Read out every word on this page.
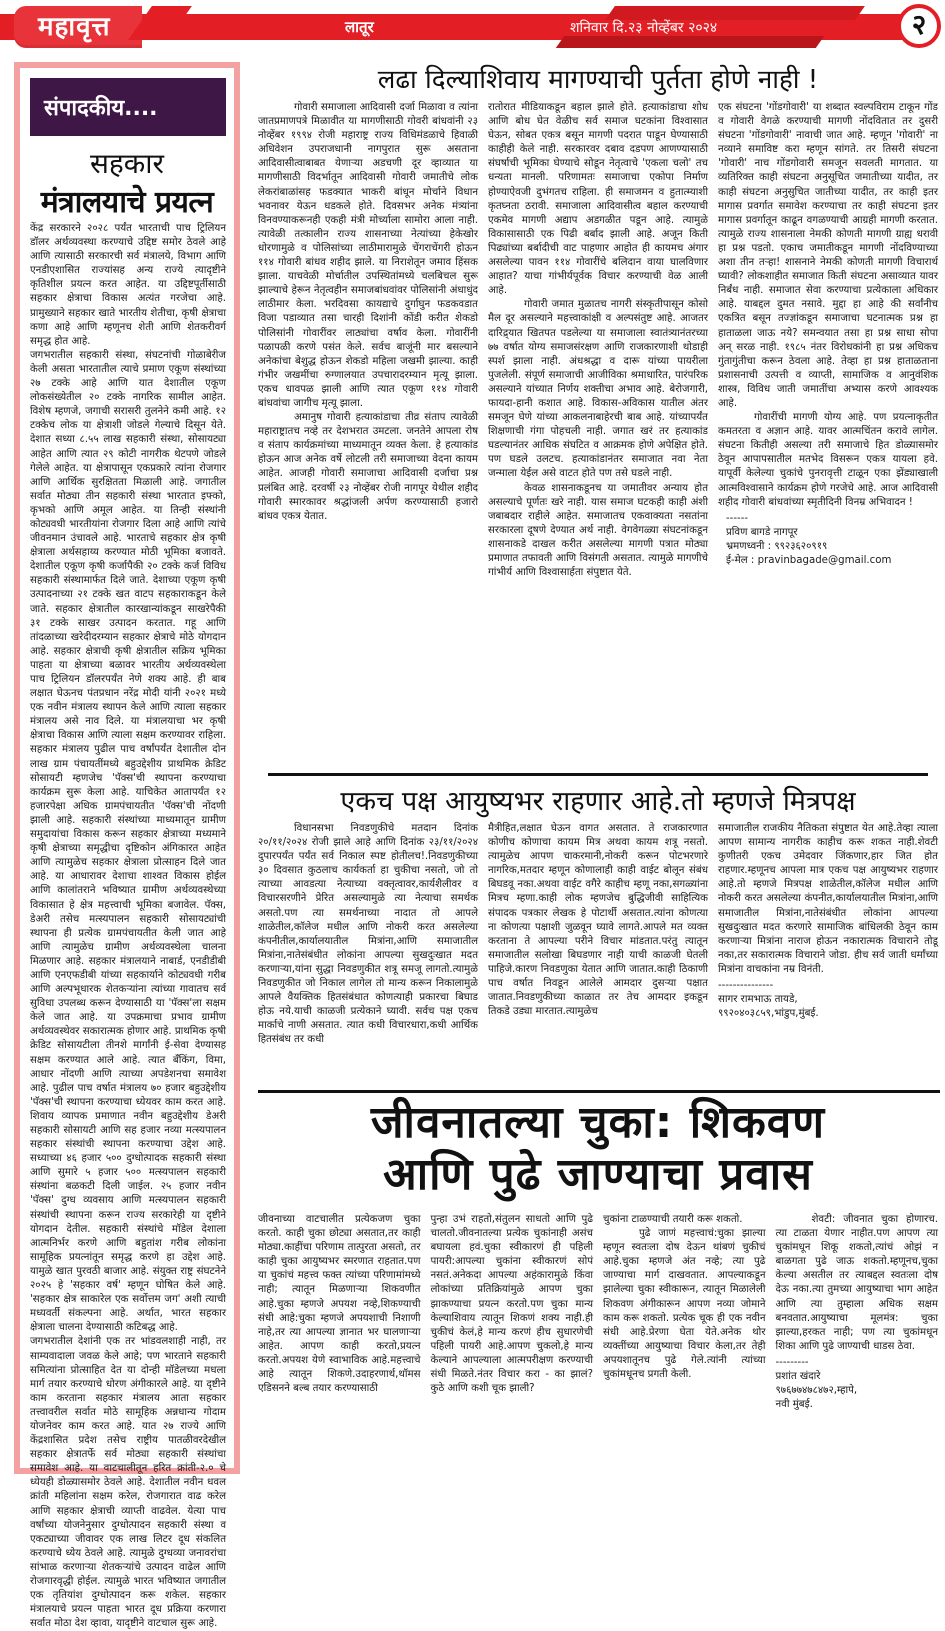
महावृत्त	लातूर	शनिवार दि.२३ नोव्हेंबर २०२४	२
संपादकीय....
सहकार
मंत्रालयाचे प्रयत्न

केंद्र सरकारने २०२८ पर्यंत भारताची पाच ट्रिलियन डॉलर अर्थव्यवस्था करण्याचे उद्दिष्ट समोर ठेवले आहे आणि त्यासाठी सरकारची सर्व मंत्रालये, विभाग आणि एनडीएशासित राज्यांसह अन्य राज्ये त्यादृष्टीने कृतिशील प्रयत्न करत आहेत. या उद्दिष्टपूर्तीसाठी सहकार क्षेत्राचा विकास अत्यंत गरजेचा आहे. प्रामुख्याने सहकार खाते भारतीय शेतीचा, कृषी क्षेत्राचा कणा आहे आणि म्हणूनच शेती आणि शेतकरीवर्ग समृद्ध होत आहे.

जगभरातील सहकारी संस्था, संघटनांची गोळाबेरीज केली असता भारतातील त्याचे प्रमाण एकूण संस्थांच्या २७ टक्के आहे आणि यात देशातील एकूण लोकसंख्येतील २० टक्के नागरिक सामील आहेत. विशेष म्हणजे, जगाची सरासरी तुलनेने कमी आहे. १२ टक्केच लोक या क्षेत्राशी जोडले गेल्याचे दिसून येते. देशात सध्या ८.५५ लाख सहकारी संस्था, सोसायट्या आहेत आणि त्यात २९ कोटी नागरीक थेटपणे जोडले गेलेले आहेत. या क्षेत्रापासून एकप्रकारे त्यांना रोजगार आणि आर्थिक सुरक्षितता मिळाली आहे. जगातील सर्वात मोठ्या तीन सहकारी संस्था भारतात इफ्को, कृभको आणि अमूल आहेत. या तिन्ही संस्थांनी कोट्यवधी भारतीयांना रोजगार दिला आहे आणि त्यांचे जीवनमान उंचावले आहे. भारताचे सहकार क्षेत्र कृषी क्षेत्राला अर्थसहाय्य करण्यात मोठी भूमिका बजावते. देशातील एकूण कृषी कर्जापैकी २० टक्के कर्ज विविध सहकारी संस्थामार्फत दिले जाते. देशाच्या एकूण कृषी उत्पादनाच्या २१ टक्के खत वाटप सहकाराकडून केले जाते. सहकार क्षेत्रातील कारखान्यांकडून साखरेपैकी ३१ टक्के साखर उत्पादन करतात. गहू आणि तांदळाच्या खरेदीदरम्यान सहकार क्षेत्राचे मोठे योगदान आहे. सहकार क्षेत्राची कृषी क्षेत्रातील सक्रिय भूमिका पाहता या क्षेत्राच्या बळावर भारतीय अर्थव्यवस्थेला पाच ट्रिलियन डॉलरपर्यंत नेणे शक्य आहे. ही बाब लक्षात घेऊनच पंतप्रधान नरेंद्र मोदी यांनी २०२१ मध्ये एक नवीन मंत्रालय स्थापन केले आणि त्याला सहकार मंत्रालय असे नाव दिले. या मंत्रालयाचा भर कृषी क्षेत्राचा विकास आणि त्याला सक्षम करण्यावर राहिला. सहकार मंत्रालय पुढील पाच वर्षांपर्यंत देशातील दोन लाख ग्राम पंचायतींमध्ये बहुउद्देशीय प्राथमिक क्रेडिट सोसायटी म्हणजेच 'पॅक्स'ची स्थापना करण्याचा कार्यक्रम सुरू केला आहे. याचिकेत आतापर्यंत १२ हजारपेक्षा अधिक ग्रामपंचायतीत 'पॅक्स'ची नोंदणी झाली आहे. सहकारी संस्थांच्या माध्यमातून ग्रामीण समुदायांचा विकास करून सहकार क्षेत्राच्या मध्यमाने कृषी क्षेत्राच्या समृद्धीचा दृष्टिकोन अंगिकारत आहेत आणि त्यामुळेच सहकार क्षेत्राला प्रोत्साहन दिले जात आहे. या आधारावर देशाचा शाश्वत विकास होईल आणि कालांतराने भविष्यात ग्रामीण अर्थव्यवस्थेच्या विकासात हे क्षेत्र महत्त्वाची भूमिका बजावेल. पॅक्स, डेअरी तसेच मत्स्यपालन सहकारी सोसायट्यांची स्थापना ही प्रत्येक ग्रामपंचायतीत केली जात आहे आणि त्यामुळेच ग्रामीण अर्थव्यवस्थेला चालना मिळणार आहे. सहकार मंत्रालयाने नाबार्ड, एनडीडीबी आणि एनएफडीबी यांच्या सहकार्याने कोट्यवधी गरीब आणि अल्पभूधारक शेतकऱ्यांना त्यांच्या गावातच सर्व सुविधा उपलब्ध करून देण्यासाठी या 'पॅक्स'ला सक्षम केले जात आहे. या उपक्रमाचा प्रभाव ग्रामीण अर्थव्यवस्थेवर सकारात्मक होणार आहे. प्राथमिक कृषी क्रेडिट सोसायटीला तीनशे मार्गांनी ई-सेवा देण्यासह सक्षम करण्यात आले आहे. त्यात बँकिंग, विमा, आधार नोंदणी आणि त्याच्या अपडेशनचा समावेश आहे. पुढील पाच वर्षात मंत्रालय ७० हजार बहुउद्देशीय 'पॅक्स'ची स्थापना करण्याचा ध्येयवर काम करत आहे. शिवाय व्यापक प्रमाणात नवीन बहुउद्देशीय डेअरी सहकारी सोसायटी आणि सह हजार नव्या मत्स्यपालन सहकार संस्थांची स्थापना करण्याचा उद्देश आहे. सध्याच्या ४६ हजार ५०० दुग्धोत्पादक सहकारी संस्था आणि सुमारे ५ हजार ५०० मत्स्यपालन सहकारी संस्थांना बळकटी दिली जाईल. २५ हजार नवीन 'पॅक्स' दुग्ध व्यवसाय आणि मत्स्यपालन सहकारी संस्थांची स्थापना करून राज्य सरकारेही या दृष्टीने योगदान देतील. सहकारी संस्थांचे मॉडेल देशाला आत्मनिर्भर करणे आणि बहुतांश गरीब लोकांना सामूहिक प्रयत्नांतून समृद्ध करणे हा उद्देश आहे. यामुळे खात पुरवठी बाजार आहे. संयुक्त राष्ट्र संघटनेने २०२५ हे 'सहकार वर्ष' म्हणून घोषित केले आहे. 'सहकार क्षेत्र साकारेल एक सर्वोत्तम जग' अशी त्याची मध्यवर्ती संकल्पना आहे. अर्थात, भारत सहकार क्षेत्राला चालना देण्यासाठी कटिबद्ध आहे.

जगभरातील देशांनी एक तर भांडवलशाही नाही, तर साम्यवादाला जवळ केले आहे; पण भारताने सहकारी समित्यांना प्रोत्साहित देत या दोन्ही मॉडेलच्या मधला मार्ग तयार करण्याचे धोरण अंगीकारले आहे. या दृष्टीने काम करताना सहकार मंत्रालय आता सहकार तत्त्वावरील सर्वात मोठे सामूहिक अन्नधान्य गोदाम योजनेवर काम करत आहे. यात २७ राज्ये आणि केंद्रशासित प्रदेश तसेच राष्ट्रीय पातळीवरदेखील सहकार क्षेत्रातर्फे सर्व मोठ्या सहकारी संस्थांचा समावेश आहे. या वाटचालीतून हरित क्रांती-२.० चे ध्येयही डोळ्यासमोर ठेवले आहे. देशातील नवीन धवल क्रांती महिलांना सक्षम करेल, रोजगारात वाढ करेल आणि सहकार क्षेत्राची व्याप्ती वाढवेल. येत्या पाच वर्षांच्या योजनेनुसार दुग्धोत्पादन सहकारी संस्था व एकट्याच्या जीवावर एक लाख लिटर दूध संकलित करण्याचे ध्येय ठेवले आहे. त्यामुळे दुग्धव्या जनावरांचा सांभाळ करणाऱ्या शेतकऱ्यांचे उत्पादन वाढेल आणि रोजगारवृद्धी होईल. त्यामुळे भारत भविष्यात जगातील एक तृतियांश दुग्धोत्पादन करू शकेल. सहकार मंत्रालयाचे प्रयत्न पाहता भारत दूध प्रक्रिया करणारा सर्वात मोठा देश व्हावा, यादृष्टीने वाटचाल सुरू आहे.

लढा दिल्याशिवाय मागण्याची पुर्तता होणे नाही !

गोवारी समाजाला आदिवासी दर्जा मिळावा व त्यांना जातप्रमाणपत्रे मिळावीत या मागणीसाठी गोवरी बांधवांनी २३ नोव्हेंबर १९९४ रोजी महाराष्ट्र राज्य विधिमंडळाचे हिवाळी अधिवेशन उपराजधानी नागपुरात सुरू असताना आदिवासीत्वाबाबत येणाऱ्या अडचणी दूर व्हाव्यात या मागणीसाठी विदर्भातून आदिवासी गोवारी जमातीचे लोक लेकरांबाळांसह फडक्यात भाकरी बांधून मोर्चाने विधान भवनावर येऊन धडकले होते. दिवसभर अनेक मंत्र्यांना विनवण्याकरूनही एकही मंत्री मोर्च्याला सामोरा आला नाही. त्यावेळी तत्कालीन राज्य शासनाच्या नेत्यांच्या हेकेखोर धोरणामुळे व पोलिसांच्या लाठीमारामुळे चेंगराचेंगरी होऊन ११४ गोवारी बांधव शहीद झाले. या निराशेतून जमाव हिंसक झाला. याचवेळी मोर्चातील उपस्थितांमध्ये चलबिचल सुरू झाल्याचे हेरून नेतृत्वहीन समाजबांधवांवर पोलिसांनी अंधाधुंद लाठीमार केला. भरदिवसा कायद्याचे दुर्गाघुन फडकवडात विजा पडाव्यात तसा चारही दिशांनी कोंडी करीत शेकडो पोलिसांनी गोवारींवर लाठ्यांचा वर्षाव केला. गोवारींनी पळापळी करणे पसंत केले. सर्वच बाजूंनी मार बसल्याने अनेकांचा बेशुद्ध होऊन शेकडो महिला जखमी झाल्या. काही गंभीर जखमींचा रुग्णालयात उपचारादरम्यान मृत्यू झाला. एकच धावपळ झाली आणि त्यात एकूण ११४ गोवारी बांधवांचा जागीच मृत्यू झाला.

अमानुष गोवारी हत्याकांडाचा तीव्र संताप त्यावेळी महाराष्ट्रातच नव्हे तर देशभरात उमटला. जनतेने आपला रोष व संताप कार्यक्रमांच्या माध्यमातून व्यक्त केला. हे हत्याकांड होऊन आज अनेक वर्षे लोटली तरी समाजाच्या वेदना कायम आहेत. आजही गोवारी समाजाचा आदिवासी दर्जाचा प्रश्न प्रलंबित आहे. दरवर्षी २३ नोव्हेंबर रोजी नागपूर येथील शहीद गोवारी स्मारकावर श्रद्धांजली अर्पण करण्यासाठी हजारो बांधव एकत्र येतात.

रातोरात मीडियाकडून बहाल झाले होते. हत्याकांडाचा शोध आणि बोध घेत वेळीच सर्व समाज घटकांना विश्वासात घेऊन, सोबत एकत्र बसून मागणी पदरात पाडून घेण्यासाठी काहीही केले नाही. सरकारवर दबाव दडपण आणण्यासाठी संघर्षाची भूमिका घेण्याचे सोडून नेतृत्वाचे 'एकला चलो' तच धन्यता मानली. परिणामतः समाजाचा एकोपा निर्माण होण्याऐवजी दुभंगतच राहिला. ही समाजमन व हुतात्म्याशी कृतघ्नता ठरावी. समाजाला आदिवासीत्व बहाल करण्याची एकमेव मागणी अद्याप अडगळीत पडून आहे. त्यामुळे विकासासाठी एक पिढी बर्बाद झाली आहे. अजून किती पिढ्यांच्या बर्बादीची वाट पाहणार आहोत ही कायमच अंगार असलेल्या पावन ११४ गोवारींचे बलिदान वाया घालविणार आहात? याचा गांभीर्यपूर्वक विचार करण्याची वेळ आली आहे.

गोवारी जमात मुळातच नागरी संस्कृतीपासून कोसो मैल दूर असल्याने महत्त्वाकांक्षी व अल्पसंतुष्ट आहे. आजतर दारिद्र्यात खितपत पडलेल्या या समाजाला स्वातंत्र्यानंतरच्या ७७ वर्षात योग्य समाजसंरक्षण आणि राजकारणाशी थोडाही स्पर्श झाला नाही. अंधश्रद्धा व दारू यांच्या पायरीला पुजलेली. संपूर्ण समाजाची आजीविका श्रमाधारित, पारंपरिक असल्याने यांच्यात निर्णय शक्तीचा अभाव आहे. बेरोजगारी, फायदा-हानी कशात आहे. विकास-अविकास यातील अंतर समजून घेणे यांच्या आकलनाबाहेरची बाब आहे. यांच्यापर्यंत शिक्षणाची गंगा पोहचली नाही. जगात खरं तर हत्याकांड घडल्यानंतर आधिक संघटित व आक्रमक होणे अपेक्षित होते. पण घडले उलटच. हत्याकांडानंतर समाजात नवा नेता जन्माला येईल असे वाटत होते पण तसे घडले नाही.

केवळ शासनाकडूनच या जमातीवर अन्याय होत असल्याचे पूर्णतः खरे नाही. यास समाज घटकही काही अंशी जबाबदार राहीले आहेत. समाजातच एकवाक्यता नसतांना सरकारला दूषणे देण्यात अर्थ नाही. वेगवेगळ्या संघटनांकडून शासनाकडे दाखल करीत असलेल्या मागणी पत्रात मोठ्या प्रमाणात तफावती आणि विसंगती असतात. त्यामुळे मागणीचे गांभीर्य आणि विश्वासार्हता संपुष्टात येते.

एक संघटना 'गोंडगोवारी' या शब्दात स्वल्पविराम टाकून गोंड व गोवारी वेगळे करण्याची मागणी नोंदवितात तर दुसरी संघटना 'गोंडगोवारी' नावाची जात आहे. म्हणून 'गोवारी' ना नव्याने समाविष्ट करा म्हणून सांगते. तर तिसरी संघटना 'गोवारी' नाच गोंडगोवारी समजून सवलती मागतात. या व्यतिरिक्त काही संघटना अनुसूचित जमातीच्या यादीत, तर काही संघटना अनुसुचित जातीच्या यादीत, तर काही इतर मागास प्रवर्गात समावेश करण्याचा तर काही संघटना इतर मागास प्रवर्गातून काढून वगळण्याची आग्रही मागणी करतात. त्यामुळे राज्य शासनाला नेमकी कोणती मागणी ग्राह्य धरावी हा प्रश्न पडतो. एकाच जमातीकडून मागणी नोंदविण्याच्या अशा तीन तऱ्हा! शासनाने नेमकी कोणती मागणी विचारार्थ घ्यावी? लोकशाहीत समाजात किती संघटना असाव्यात यावर निर्बंध नाही. समाजात सेवा करण्याचा प्रत्येकाला अधिकार आहे. याबद्दल दुमत नसावे. मुद्दा हा आहे की सर्वांनीच एकत्रित बसून तज्ज्ञांकडून समाजाचा घटनात्मक प्रश्न हा हाताळला जाऊ नये? समन्वयात तसा हा प्रश्न साधा सोपा अन् सरळ नाही. १९८५ नंतर विरोधकांनी हा प्रश्न अधिकच गुंतागुंतीचा करून ठेवला आहे. तेव्हा हा प्रश्न हाताळताना प्रशासनाची उत्पत्ती व व्याप्ती, सामाजिक व आनुवंशिक शास्त्र, विविध जाती जमातींचा अभ्यास करणे आवश्यक आहे.

गोवारींची मागणी योग्य आहे. पण प्रयत्नाकृतीत कमतरता व अज्ञान आहे. यावर आत्मचिंतन करावे लागेल. संघटना कितीही असल्या तरी समाजाचे हित डोळ्यासमोर ठेवून आपापसातील मतभेद विसरून एकत्र यायला हवे. यापूर्वी केलेल्या चुकांचे पुनरावृत्ती टाळून एका झेंड्याखाली आत्मविश्वासाने कार्यक्रम होणे गरजेचे आहे. आज आदिवासी शहीद गोवारी बांधवांच्या स्मृतीदिनी विनम्र अभिवादन !

------
प्रविण बागडे नागपूर
भ्रमणध्वनी : ९९२३६२०९१९
ई-मेल : pravinbagade@gmail.com
एकच पक्ष आयुष्यभर राहणार आहे.तो म्हणजे मित्रपक्ष

विधानसभा निवडणुकीचे मतदान दिनांक २०/११/२०२४ रोजी झाले आहे आणि दिनांक २३/११/२०२४ दुपारपर्यंत पर्यंत सर्व निकाल स्पष्ट होतीलच!.निवडणुकीच्या ३० दिवसात कुठलाच कार्यकर्ता हा चुकीचा नसतो, जो तो त्याच्या आवडत्या नेत्याच्या वक्तृत्वावर,कार्यशैलीवर व विचारसरणीने प्रेरित असल्यामुळे त्या नेत्याचा समर्थक असतो.पण त्या समर्थनाच्या नादात तो आपले शाळेतील,कॉलेज मधील आणि नोकरी करत असलेल्या कंपनीतील,कार्यालयातील मित्रांना,आणि समाजातील मित्रांना,नातेसंबंधीत लोकांना आपल्या सुखदुःखात मदत करणाऱ्या,यांना सुद्धा निवडणुकीत शत्रू समजू लागतो.त्यामुळे निवडणुकीत जो निकाल लागेल तो मान्य करून निकालामुळे आपले वैयक्तिक हितसंबंधात कोणत्याही प्रकारचा बिघाड होऊ नये.याची काळजी प्रत्येकाने घ्यावी. सर्वच पक्ष एकच मार्काचे नाणी असतात. त्यात कधी विचारधारा,कधी आर्थिक हितसंबंध तर कधी

मैत्रीहित,लक्षात घेऊन वागत असतात. ते राजकारणात कोणीच कोणाचा कायम मित्र अथवा कायम शत्रू नसतो. त्यामुळेच आपण चाकरमानी,नोकरी करून पोटभरणारे नागरिक,मतदार म्हणून कोणालाही काही वाईट बोलून संबंध बिघडवू नका.अथवा वाईट वगैरे काहीच म्हणू नका,सगळ्यांना मित्रच म्हणा.काही लोक म्हणजेच बुद्धिजीवी साहित्यिक संपादक पत्रकार लेखक हे पोटार्थी असतात.त्यांना कोणत्या ना कोणत्या पक्षाशी जुळवून घ्यावे लागते.आपले मत व्यक्त करताना ते आपल्या परीने विचार मांडतात.परंतु त्यातून समाजातील सलोखा बिघडणार नाही याची काळजी घेतली पाहिजे.कारण निवडणुका येतात आणि जातात.काही ठिकाणी पाच वर्षात निवडून आलेले आमदार दुसऱ्या पक्षात जातात.निवडणुकीच्या काळात तर तेच आमदार इकडून तिकडे उड्या मारतात.त्यामुळेच

समाजातील राजकीय नैतिकता संपुष्टात येत आहे.तेव्हा त्याला आपण सामान्य नागरीक काहीच करू शकत नाही.शेवटी कुणीतरी एकच उमेदवार जिंकणार,हार जित होत राहणार.म्हणूनच आपला मात्र एकच पक्ष आयुष्यभर राहणार आहे.तो म्हणजे मित्रपक्ष शाळेतील,कॉलेज मधील आणि नोकरी करत असलेल्या कंपनीत,कार्यालयातील मित्रांना,आणि समाजातील मित्रांना,नातेसंबंधीत लोकांना आपल्या सुखदुःखात मदत करणारे सामाजिक बांधिलकी ठेवून काम करणाऱ्या मित्रांना नाराज होऊन नकारात्मक विचाराने तोडू नका,तर सकारात्मक विचाराने जोडा. हीच सर्व जाती धर्मांच्या मित्रांना वाचकांना नम्र विनंती.

---------------
सागर रामभाऊ तायडे,
९९२०४०३८५९,भांडुप,मुंबई.
जीवनातल्या चुका: शिकवण
आणि पुढे जाण्याचा प्रवास

जीवनाच्या वाटचालीत प्रत्येकजण चुका करतो. काही चुका छोट्या असतात,तर काही मोठ्या.काहींचा परिणाम तात्पुरता असतो, तर काही चुका आयुष्यभर स्मरणात राहतात.पण या चुकांचं महत्त्व फक्त त्यांच्या परिणामांमध्ये नाही; त्यातून मिळणाऱ्या शिकवणीत आहे.चुका म्हणजे अपयश नव्हे,शिकण्याची संधी आहे:चुका म्हणजे अपयशाची निशाणी नाहे,तर त्या आपल्या ज्ञानात भर घालणाऱ्या आहेत. आपण काही करतो,प्रयत्न करतो.अपयश येणे स्वाभाविक आहे.महत्त्वाचे आहे त्यातून शिकणे.उदाहरणार्थ,थॉमस एडिसनने बल्ब तयार करण्यासाठी

पुन्हा उभं राहतो,संतुलन साधतो आणि पुढे चालतो.जीवनातल्या प्रत्येक चुकांनाही असंच बघायला हवं.चुका स्वीकारणं ही पहिली पायरी:आपल्या चुकांना स्वीकारणं सोपं नसतं.अनेकदा आपल्या अहंकारामुळे किंवा लोकांच्या प्रतिक्रियांमुळे आपण चुका झाकण्याचा प्रयत्न करतो.पण चुका मान्य केल्याशिवाय त्यातून शिकणं शक्य नाही.ही चुकीचं केलं,हे मान्य करणं हीच सुधारणेची पहिली पायरी आहे.आपण चुकलो,हे मान्य केल्याने आपल्याला आत्मपरीक्षण करण्याची संधी मिळते.नंतर विचार करा - का झालं? कुठे आणि कशी चूक झाली?

चुकांना टाळण्याची तयारी करू शकतो.

पुढे जाणं महत्त्वाचं:चुका झाल्या म्हणून स्वतःला दोष देऊन थांबणं चुकीचं आहे.चुका म्हणजे अंत नव्हे; त्या पुढे जाण्याचा मार्ग दाखवतात. आपल्याकडून झालेल्या चुका स्वीकारून, त्यातून मिळालेली शिकवण अंगीकारून आपण नव्या जोमाने काम करू शकतो. प्रत्येक चूक ही एक नवीन संधी आहे.प्रेरणा घेता येते.अनेक थोर व्यक्तींच्या आयुष्याचा विचार केला,तर तेही अपयशातूनच पुढे गेले.त्यांनी त्यांच्या चुकांमधूनच प्रगती केली.

शेवटी: जीवनात चुका होणारच. त्या टाळता येणार नाहीत.पण आपण त्या चुकांमधून शिकू शकतो,त्यांचं ओझं न बाळगता पुढे जाऊ शकतो.म्हणूनच,चुका केल्या असतील तर त्याबद्दल स्वतःला दोष देऊ नका.त्या तुमच्या आयुष्याचा भाग आहेत आणि त्या तुम्हाला अधिक सक्षम बनवतात.आयुष्याचा मूलमंत्र: चुका झाल्या,हरकत नाही; पण त्या चुकांमधून शिका आणि पुढे जाण्याची धाडस ठेवा.

---------
प्रशांत खंदारे
९७६७७४७८४७२,म्हापे,
नवी मुंबई.
